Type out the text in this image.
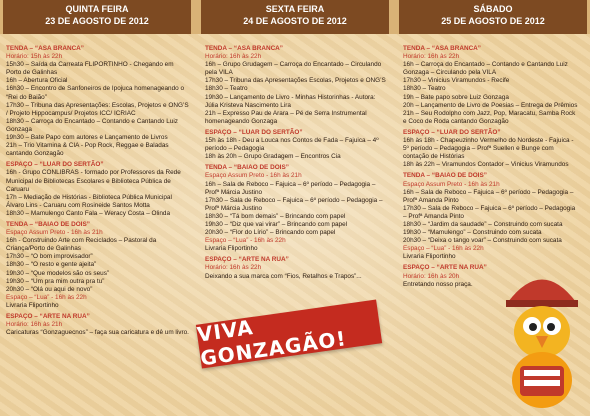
QUINTA FEIRA
23 DE AGOSTO DE 2012
SEXTA FEIRA
24 DE AGOSTO DE 2012
SÁBADO
25 DE AGOSTO DE 2012

TENDA – “ASA BRANCA”

Horário: 15h às 22h

15h30 – Saída da Carreata FLIPORTINHO - Chegando em Porto de Galinhas

16h – Abertura Oficial

16h30 – Encontro de Sanfoneiros de Ipojuca homenageando o “Rei do Baião”

17h30 – Tribuna das Apresentações: Escolas, Projetos e ONG’S / Projeto Hippocampus/ Projetos ICC/ ICRIAC

18h30 – Carroça do Encantado – Contando e Cantando Luiz Gonzaga

19h30 – Bate Papo com autores e Lançamento de Livros

21h – Trio Vitamina & CIA - Pop Rock, Reggae e Baladas cantando Gonzagão

ESPAÇO – “LUAR DO SERTÃO”

16h - Grupo CONLIBRAS - formado por Professores da Rede Municipal de Bibliotecas Escolares e Biblioteca Pública de Caruaru

17h – Mediação de Histórias - Biblioteca Pública Municipal Álvaro Lins - Caruaru com Rosineide Santos Motta

18h30 – Mamulengo Canto Fala – Weracy Costa – Olinda

TENDA – “BAIAO DE DOIS”

Espaço Assum Preto - 16h às 21h

16h - Construindo Arte com Reciclados – Pastoral da Criança/Porto de Galinhas

17h30 – “O bom improvisador”

18h30 – “O resto e gente ajeita”

19h30 – “Que modelos são os seus”

19h30 – “Um pra mim outra pra tu”

20h30 – “Olá ou aqui de novo”

Espaço – “Lua” - 16h às 22h

Livraria Fliportinho

ESPAÇO – “ARTE NA RUA”

Horário: 16h às 21h

Caricaturas “Gonzaguecnos” – faça sua caricatura e dê um livro.

TENDA – “ASA BRANCA”

Horário: 16h às 22h

16h – Grupo Grudagem – Carroça do Encantado – Circulando pela VILA

17h30 – Tribuna das Apresentações Escolas, Projetos e ONG’S

18h30 – Teatro

19h30 – Lançamento de Livro - Minhas Historinhas - Autora: Júlia Kristeva Nascimento Lira

21h – Expresso Pau de Arara – Pé de Serra Instrumental homenageando Gonzaga

ESPAÇO – “LUAR DO SERTÃO”

15h às 18h - Deu a Louca nos Contos de Fada – Fajuica – 4º período – Pedagogia

18h às 20h – Grupo Gradagem – Encontros Cia

TENDA – “BAIAO DE DOIS”

Espaço Assum Preto - 16h às 21h

16h – Sala de Reboco – Fajuica – 6º período – Pedagogia – Profª Márcia Justino

17h30 – Sala de Reboco – Fajuica – 6º período – Pedagogia – Profª Márcia Justino

18h30 – “Tá bom demais” – Brincando com papel

19h30 – “Diz que vai virar” – Brincando com papel

20h30 – “Flor do Lírio” – Brincando com papel

Espaço – “Lua” - 16h às 22h

Livraria Fliportinho

ESPAÇO – “ARTE NA RUA”

Horário: 16h às 22h

Deixando a sua marca com “Fios, Retalhos e Trapos”...

TENDA – “ASA BRANCA”

Horário: 16h às 22h

16h – Carroça do Encantado – Contando e Cantando Luiz Gonzaga – Circulando pela VILA

17h30 – Vinicius Viramundos - Recife

18h30 – Teatro

19h – Bate papo sobre Luiz Gonzaga

20h – Lançamento de Livro de Poesias – Entrega de Prêmios

21h – Seu Rodolpho com Jazz, Pop, Maracatu, Samba Rock e Coco de Roda cantando Gonzagão

ESPAÇO – “LUAR DO SERTÃO”

16h às 18h - Chapeuzinho Vermelho do Nordeste - Fajuica - 5º período – Pedagogia – Profª Suellen e Bunge com contação de Histórias

18h às 22h – Viramundos Contador – Vinicius Viramundos

TENDA – “BAIAO DE DOIS”

Espaço Assum Preto - 16h às 21h

16h – Sala de Reboco – Fajuica – 6º período – Pedagogia – Profª Amanda Pinto

17h30 – Sala de Reboco – Fajuica – 6º período – Pedagogia – Profª Amanda Pinto

18h30 – “Jardim da saudade” – Construindo com sucata

19h30 – “Mamulengo” – Construindo com sucata

20h30 – “Deixa o tango voar” – Construindo com sucata

Espaço – “Lua” - 16h às 22h

Livraria Fliportinho

ESPAÇO – “ARTE NA RUA”

Horário: 16h às 20h

Entretando nosso praça.

VIVA GONZAGÃO!
